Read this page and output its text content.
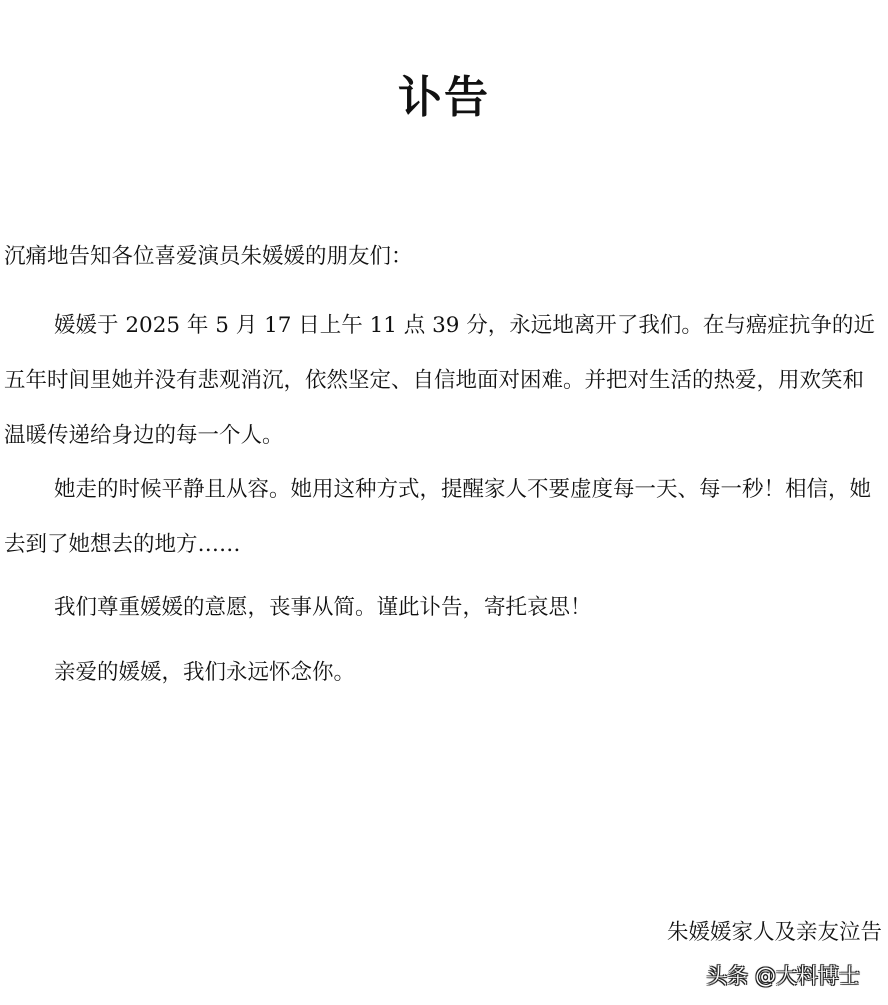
讣告
沉痛地告知各位喜爱演员朱媛媛的朋友们：
媛媛于 2025 年 5 月 17 日上午 11 点 39 分，永远地离开了我们。在与癌症抗争的近五年时间里她并没有悲观消沉，依然坚定、自信地面对困难。并把对生活的热爱，用欢笑和温暖传递给身边的每一个人。
她走的时候平静且从容。她用这种方式，提醒家人不要虚度每一天、每一秒！相信，她去到了她想去的地方……
我们尊重媛媛的意愿，丧事从简。谨此讣告，寄托哀思！
亲爱的媛媛，我们永远怀念你。
朱媛媛家人及亲友泣告
头条 @大料博士
